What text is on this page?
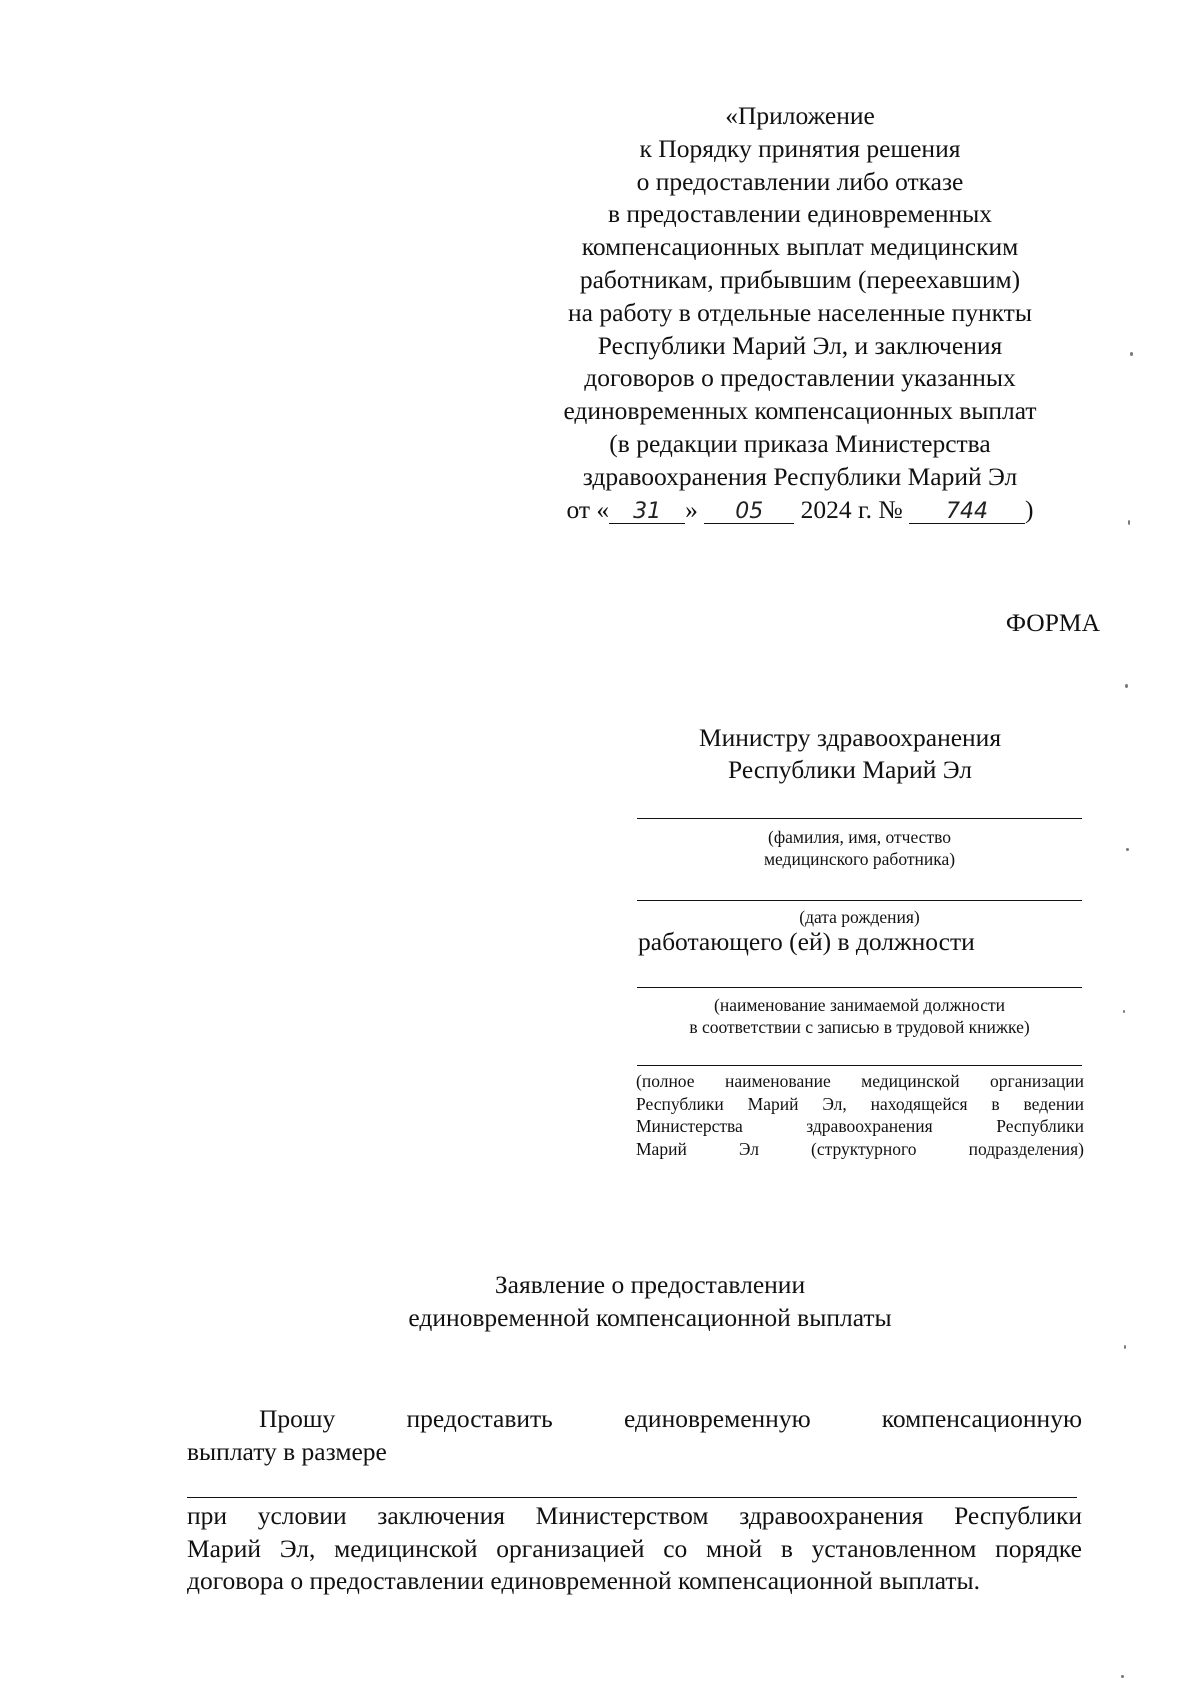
«Приложение
к Порядку принятия решения
о предоставлении либо отказе
в предоставлении единовременных
компенсационных выплат медицинским
работникам, прибывшим (переехавшим)
на работу в отдельные населенные пункты
Республики Марий Эл, и заключения
договоров о предоставлении указанных
единовременных компенсационных выплат
(в редакции приказа Министерства
здравоохранения Республики Марий Эл
от « 31 » 05 2024 г. № 744 )
ФОРМА
Министру здравоохранения
Республики Марий Эл
(фамилия, имя, отчество
медицинского работника)
(дата рождения)
работающего (ей) в должности
(наименование занимаемой должности
в соответствии с записью в трудовой книжке)
(полное наименование медицинской организации
Республики Марий Эл, находящейся в ведении
Министерства здравоохранения Республики
Марий Эл (структурного подразделения)
Заявление о предоставлении
единовременной компенсационной выплаты
Прошу предоставить единовременную компенсационную
выплату в размере
при условии заключения Министерством здравоохранения Республики
Марий Эл, медицинской организацией со мной в установленном порядке
договора о предоставлении единовременной компенсационной выплаты.
